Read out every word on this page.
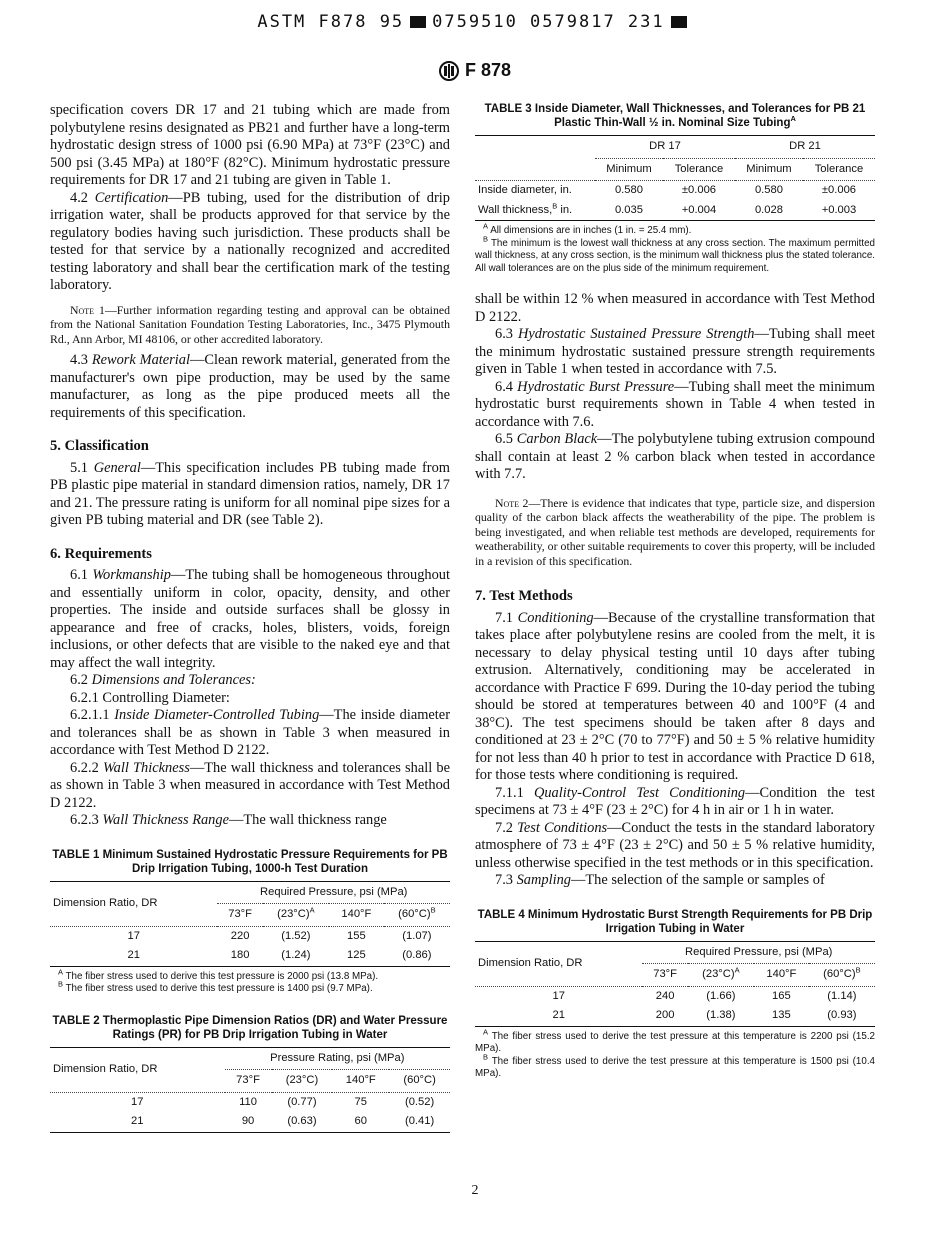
ASTM F878 95 0759510 0579817 231
F 878

specification covers DR 17 and 21 tubing which are made from polybutylene resins designated as PB21 and further have a long-term hydrostatic design stress of 1000 psi (6.90 MPa) at 73°F (23°C) and 500 psi (3.45 MPa) at 180°F (82°C). Minimum hydrostatic pressure requirements for DR 17 and 21 tubing are given in Table 1.

4.2 Certification—PB tubing, used for the distribution of drip irrigation water, shall be products approved for that service by the regulatory bodies having such jurisdiction. These products shall be tested for that service by a nationally recognized and accredited testing laboratory and shall bear the certification mark of the testing laboratory.

Note 1—Further information regarding testing and approval can be obtained from the National Sanitation Foundation Testing Laboratories, Inc., 3475 Plymouth Rd., Ann Arbor, MI 48106, or other accredited laboratory.

4.3 Rework Material—Clean rework material, generated from the manufacturer's own pipe production, may be used by the same manufacturer, as long as the pipe produced meets all the requirements of this specification.

5. Classification

5.1 General—This specification includes PB tubing made from PB plastic pipe material in standard dimension ratios, namely, DR 17 and 21. The pressure rating is uniform for all nominal pipe sizes for a given PB tubing material and DR (see Table 2).

6. Requirements

6.1 Workmanship—The tubing shall be homogeneous throughout and essentially uniform in color, opacity, density, and other properties. The inside and outside surfaces shall be glossy in appearance and free of cracks, holes, blisters, voids, foreign inclusions, or other defects that are visible to the naked eye and that may affect the wall integrity.

6.2 Dimensions and Tolerances:

6.2.1 Controlling Diameter:

6.2.1.1 Inside Diameter-Controlled Tubing—The inside diameter and tolerances shall be as shown in Table 3 when measured in accordance with Test Method D 2122.

6.2.2 Wall Thickness—The wall thickness and tolerances shall be as shown in Table 3 when measured in accordance with Test Method D 2122.

6.2.3 Wall Thickness Range—The wall thickness range

TABLE 1 Minimum Sustained Hydrostatic Pressure Requirements for PB Drip Irrigation Tubing, 1000-h Test Duration
Dimension Ratio, DR	Required Pressure, psi (MPa)			
	73°F	$(23^\circ C)^A$	140°F	$(60^\circ C)^B$
17	220	(1.52)	155	(1.07)
21	180	(1.24)	125	(0.86)

$^A$ The fiber stress used to derive this test pressure is 2000 psi (13.8 MPa).

$^B$ The fiber stress used to derive this test pressure is 1400 psi (9.7 MPa).

TABLE 2 Thermoplastic Pipe Dimension Ratios (DR) and Water Pressure Ratings (PR) for PB Drip Irrigation Tubing in Water
Dimension Ratio, DR	Pressure Rating, psi (MPa)			
	73°F	(23°C)	140°F	(60°C)
17	110	(0.77)	75	(0.52)
21	90	(0.63)	60	(0.41)
TABLE 3 Inside Diameter, Wall Thicknesses, and Tolerances for PB 21 Plastic Thin-Wall ½ in. Nominal Size Tubing$^A$
	DR 17		DR 21	
	Minimum	Tolerance	Minimum	Tolerance
Inside diameter, in.	0.580	±0.006	0.580	±0.006
Wall thickness,$^B$ in.	0.035	+0.004	0.028	+0.003

$^A$ All dimensions are in inches (1 in. = 25.4 mm).

$^B$ The minimum is the lowest wall thickness at any cross section. The maximum permitted wall thickness, at any cross section, is the minimum wall thickness plus the stated tolerance. All wall tolerances are on the plus side of the minimum requirement.

shall be within 12 % when measured in accordance with Test Method D 2122.

6.3 Hydrostatic Sustained Pressure Strength—Tubing shall meet the minimum hydrostatic sustained pressure strength requirements given in Table 1 when tested in accordance with 7.5.

6.4 Hydrostatic Burst Pressure—Tubing shall meet the minimum hydrostatic burst requirements shown in Table 4 when tested in accordance with 7.6.

6.5 Carbon Black—The polybutylene tubing extrusion compound shall contain at least 2 % carbon black when tested in accordance with 7.7.

Note 2—There is evidence that indicates that type, particle size, and dispersion quality of the carbon black affects the weatherability of the pipe. The problem is being investigated, and when reliable test methods are developed, requirements for weatherability, or other suitable requirements to cover this property, will be included in a revision of this specification.
7. Test Methods

7.1 Conditioning—Because of the crystalline transformation that takes place after polybutylene resins are cooled from the melt, it is necessary to delay physical testing until 10 days after tubing extrusion. Alternatively, conditioning may be accelerated in accordance with Practice F 699. During the 10-day period the tubing should be stored at temperatures between 40 and 100°F (4 and 38°C). The test specimens should be taken after 8 days and conditioned at 23 ± 2°C (70 to 77°F) and 50 ± 5 % relative humidity for not less than 40 h prior to test in accordance with Practice D 618, for those tests where conditioning is required.

7.1.1 Quality-Control Test Conditioning—Condition the test specimens at 73 ± 4°F (23 ± 2°C) for 4 h in air or 1 h in water.

7.2 Test Conditions—Conduct the tests in the standard laboratory atmosphere of 73 ± 4°F (23 ± 2°C) and 50 ± 5 % relative humidity, unless otherwise specified in the test methods or in this specification.

7.3 Sampling—The selection of the sample or samples of

TABLE 4 Minimum Hydrostatic Burst Strength Requirements for PB Drip Irrigation Tubing in Water
Dimension Ratio, DR	Required Pressure, psi (MPa)			
	73°F	$(23^\circ C)^A$	140°F	$(60^\circ C)^B$
17	240	(1.66)	165	(1.14)
21	200	(1.38)	135	(0.93)

$^A$ The fiber stress used to derive the test pressure at this temperature is 2200 psi (15.2 MPa).

$^B$ The fiber stress used to derive the test pressure at this temperature is 1500 psi (10.4 MPa).

2
